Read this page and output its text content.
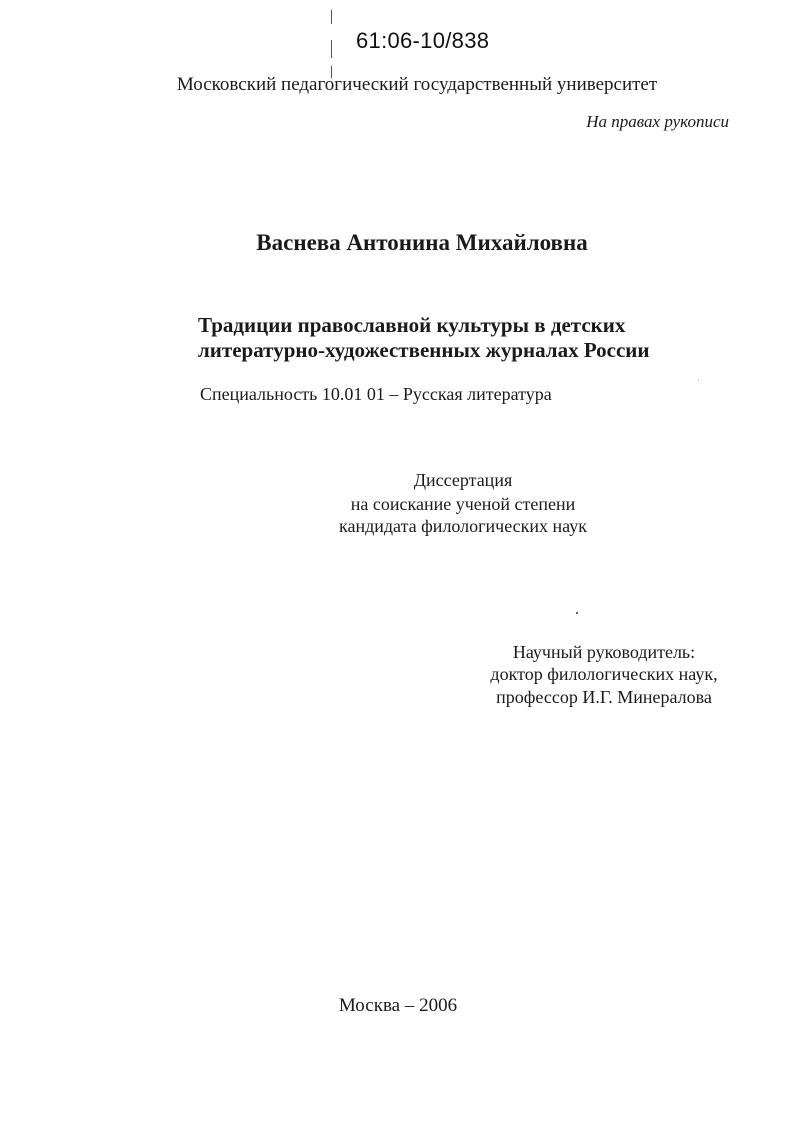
61:06-10/838
Московский педагогический государственный университет
На правах рукописи
Васнева Антонина Михайловна
Традиции православной культуры в детских
литературно-художественных журналах России
Специальность 10.01 01 – Русская литература
Диссертация
на соискание ученой степени
кандидата филологических наук
Научный руководитель:
доктор филологических наук,
профессор И.Г. Минералова
Москва – 2006
